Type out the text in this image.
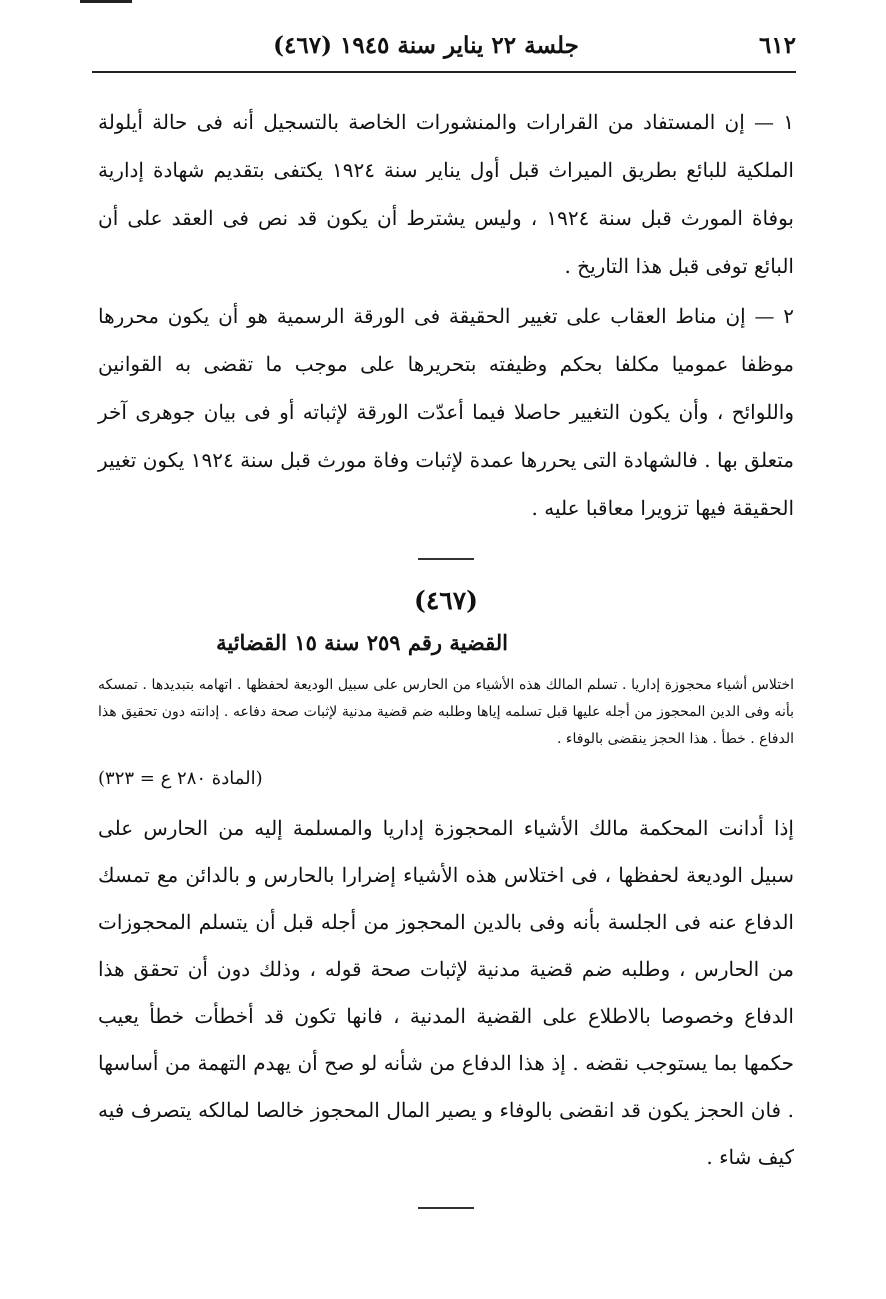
٦١٢
جلسة ٢٢ يناير سنة ١٩٤٥ (٤٦٧)

١ — إن المستفاد من القرارات والمنشورات الخاصة بالتسجيل أنه فى حالة أيلولة الملكية للبائع بطريق الميراث قبل أول يناير سنة ١٩٢٤ يكتفى بتقديم شهادة إدارية بوفاة المورث قبل سنة ١٩٢٤ ، وليس يشترط أن يكون قد نص فى العقد على أن البائع توفى قبل هذا التاريخ .

٢ — إن مناط العقاب على تغيير الحقيقة فى الورقة الرسمية هو أن يكون محررها موظفا عموميا مكلفا بحكم وظيفته بتحريرها على موجب ما تقضى به القوانين واللوائح ، وأن يكون التغيير حاصلا فيما أعدّت الورقة لإثباته أو فى بيان جوهرى آخر متعلق بها . فالشهادة التى يحررها عمدة لإثبات وفاة مورث قبل سنة ١٩٢٤ يكون تغيير الحقيقة فيها تزويرا معاقبا عليه .

(٤٦٧)
القضية رقم ٢٥٩ سنة ١٥ القضائية

اختلاس أشياء محجوزة إداريا . تسلم المالك هذه الأشياء من الحارس على سبيل الوديعة لحفظها . اتهامه بتبديدها . تمسكه بأنه وفى الدين المحجوز من أجله عليها قبل تسلمه إياها وطلبه ضم قضية مدنية لإثبات صحة دفاعه . إدانته دون تحقيق هذا الدفاع . خطأ . هذا الحجز ينقضى بالوفاء .

(المادة ٢٨٠ ع = ٣٢٣)

إذا أدانت المحكمة مالك الأشياء المحجوزة إداريا والمسلمة إليه من الحارس على سبيل الوديعة لحفظها ، فى اختلاس هذه الأشياء إضرارا بالحارس و بالدائن مع تمسك الدفاع عنه فى الجلسة بأنه وفى بالدين المحجوز من أجله قبل أن يتسلم المحجوزات من الحارس ، وطلبه ضم قضية مدنية لإثبات صحة قوله ، وذلك دون أن تحقق هذا الدفاع وخصوصا بالاطلاع على القضية المدنية ، فانها تكون قد أخطأت خطأ يعيب حكمها بما يستوجب نقضه . إذ هذا الدفاع من شأنه لو صح أن يهدم التهمة من أساسها . فان الحجز يكون قد انقضى بالوفاء و يصير المال المحجوز خالصا لمالكه يتصرف فيه كيف شاء .
